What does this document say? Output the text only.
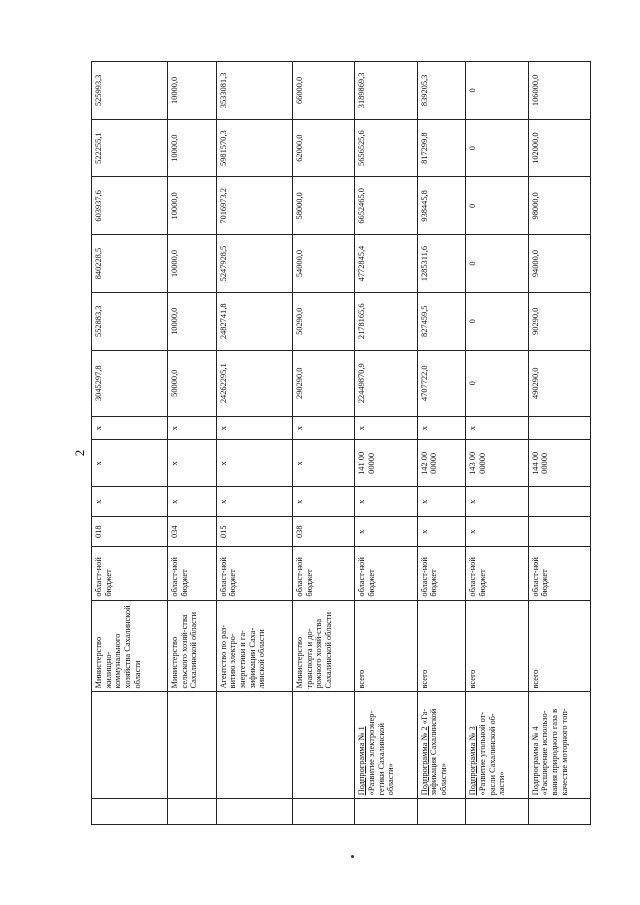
2
		Министерство жилищно-коммунального хозяйства Сахалинской области	област-ной бюджет	018	х	х	х	3045297,8	552883,3	840228,5	603937,6	522255,1	525993,3
		Министерство сельского хозяй-ства Сахалинской области	област-ной бюджет	034	х	х	х	50000,0	10000,0	10000,0	10000,0	10000,0	10000,0
		Агентство по раз-витию электро-энергетики и га-зификации Саха-линской области	област-ной бюджет	015	х	х	х	24262295,1	2482741,8	5247928,5	7016973,2	5981570,3	3533081,3
		Министерство транспорта и до-рожного хозяй-ства Сахалинской области	област-ной бюджет	038	х	х	х	290290,0	50290,0	54000,0	58000,0	62000,0	66000,0
	Подпрограмма № 1 «Развитие электроэнер-гетики Сахалинской области»	всего	област-ной бюджет	х	х	141 00 00000	х	22449870,9	2178165,6	4772845,4	6652465,0	5656525,6	3189869,3
	Подпрограмма № 2 «Га-зификация Сахалинской области»	всего	област-ной бюджет	х	х	142 00 00000	х	4707722,0	827459,5	1285311,6	938445,8	817299,8	839205,3
	Подпрограмма № 3 «Развитие угольной от-расли Сахалинской об-ласти»	всего	област-ной бюджет	х	х	143 00 00000	х	0	0	0	0	0	0
	Подпрограмма № 4 «Расширение использо-вания природного газа в качестве моторного топ-	всего	област-ной бюджет			144 00 00000		490290,0	90290,0	94000,0	98000,0	102000,0	106000,0
